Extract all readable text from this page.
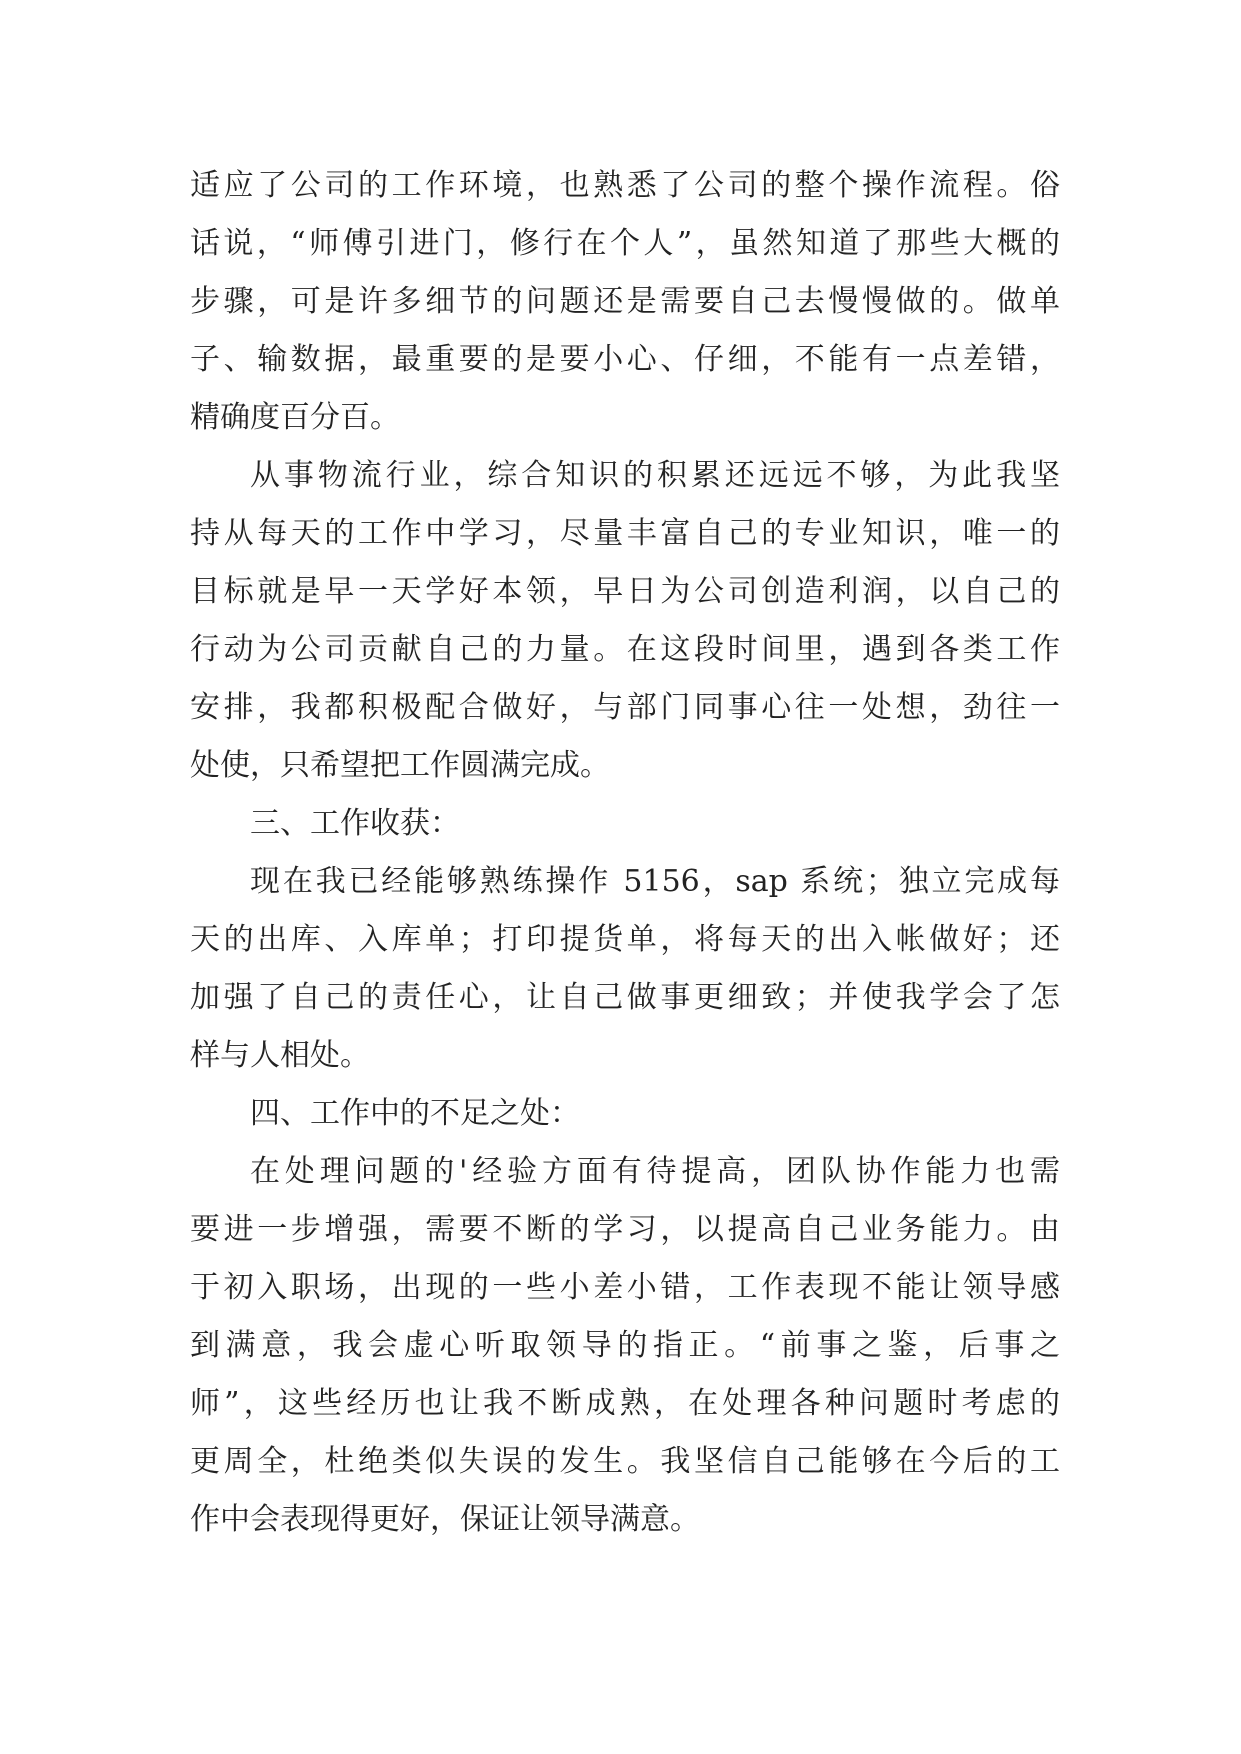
适应了公司的工作环境，也熟悉了公司的整个操作流程。俗
话说，“师傅引进门，修行在个人”，虽然知道了那些大概的
步骤，可是许多细节的问题还是需要自己去慢慢做的。做单
子、输数据，最重要的是要小心、仔细，不能有一点差错，
精确度百分百。
从事物流行业，综合知识的积累还远远不够，为此我坚
持从每天的工作中学习，尽量丰富自己的专业知识，唯一的
目标就是早一天学好本领，早日为公司创造利润，以自己的
行动为公司贡献自己的力量。在这段时间里，遇到各类工作
安排，我都积极配合做好，与部门同事心往一处想，劲往一
处使，只希望把工作圆满完成。
三、工作收获：
现在我已经能够熟练操作 5156，sap 系统；独立完成每
天的出库、入库单；打印提货单，将每天的出入帐做好；还
加强了自己的责任心，让自己做事更细致；并使我学会了怎
样与人相处。
四、工作中的不足之处：
在处理问题的'经验方面有待提高，团队协作能力也需
要进一步增强，需要不断的学习，以提高自己业务能力。由
于初入职场，出现的一些小差小错，工作表现不能让领导感
到满意，我会虚心听取领导的指正。“前事之鉴，后事之
师”，这些经历也让我不断成熟，在处理各种问题时考虑的
更周全，杜绝类似失误的发生。我坚信自己能够在今后的工
作中会表现得更好，保证让领导满意。
